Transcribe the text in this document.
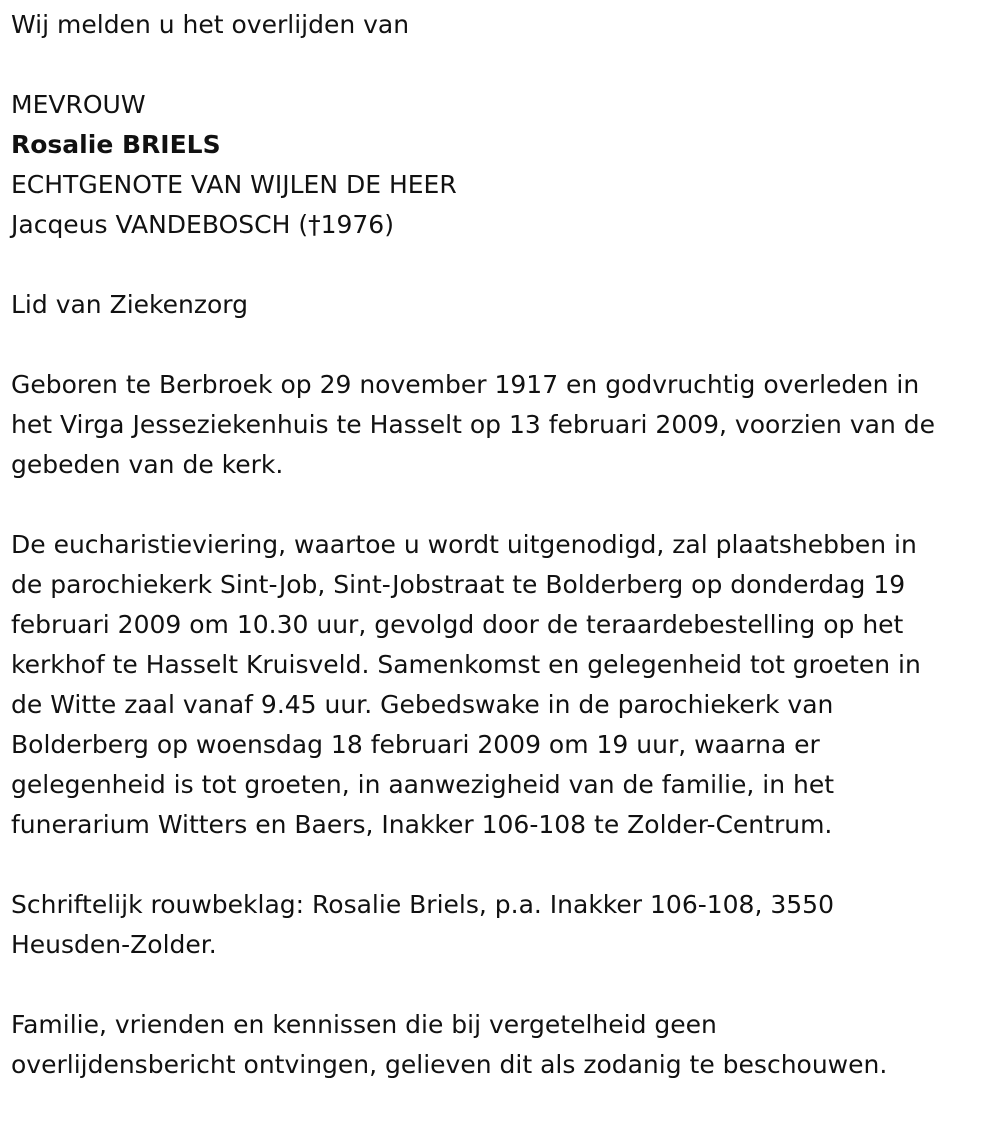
Wij melden u het overlijden van

MEVROUW
Rosalie BRIELS
ECHTGENOTE VAN WIJLEN DE HEER
Jacqeus VANDEBOSCH (†1976)

Lid van Ziekenzorg

Geboren te Berbroek op 29 november 1917 en godvruchtig overleden in
het Virga Jesseziekenhuis te Hasselt op 13 februari 2009, voorzien van de
gebeden van de kerk.

De eucharistieviering, waartoe u wordt uitgenodigd, zal plaatshebben in
de parochiekerk Sint-Job, Sint-Jobstraat te Bolderberg op donderdag 19
februari 2009 om 10.30 uur, gevolgd door de teraardebestelling op het
kerkhof te Hasselt Kruisveld. Samenkomst en gelegenheid tot groeten in
de Witte zaal vanaf 9.45 uur. Gebedswake in de parochiekerk van
Bolderberg op woensdag 18 februari 2009 om 19 uur, waarna er
gelegenheid is tot groeten, in aanwezigheid van de familie, in het
funerarium Witters en Baers, Inakker 106-108 te Zolder-Centrum.

Schriftelijk rouwbeklag: Rosalie Briels, p.a. Inakker 106-108, 3550
Heusden-Zolder.

Familie, vrienden en kennissen die bij vergetelheid geen
overlijdensbericht ontvingen, gelieven dit als zodanig te beschouwen.
